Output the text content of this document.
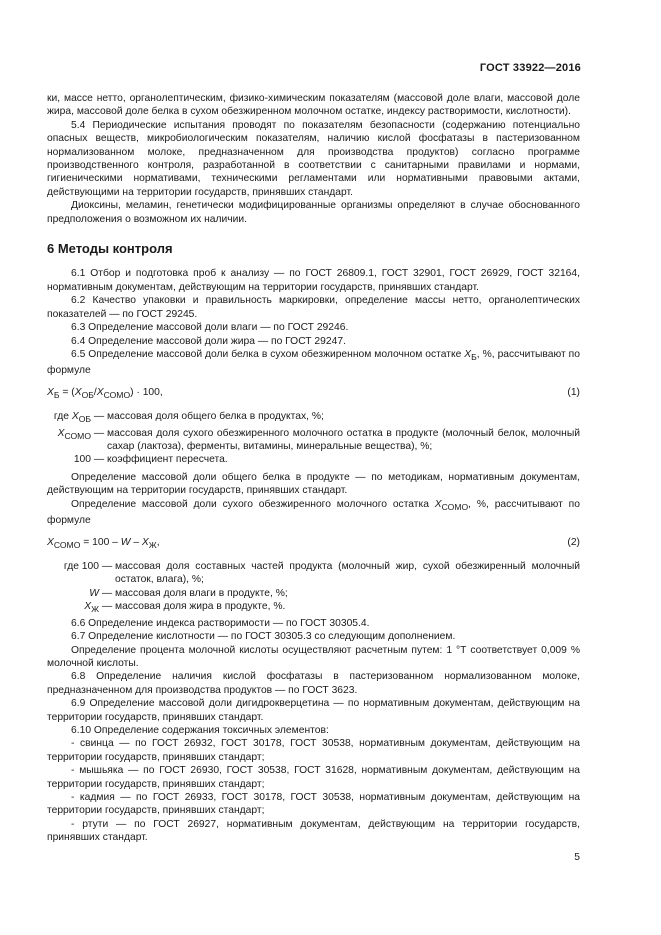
ГОСТ 33922—2016

ки, массе нетто, органолептическим, физико-химическим показателям (массовой доле влаги, массовой доле жира, массовой доле белка в сухом обезжиренном молочном остатке, индексу растворимости, кислотности).

5.4 Периодические испытания проводят по показателям безопасности (содержанию потенциально опасных веществ, микробиологическим показателям, наличию кислой фосфатазы в пастеризованном нормализованном молоке, предназначенном для производства продуктов) согласно программе производственного контроля, разработанной в соответствии с санитарными правилами и нормами, гигиеническими нормативами, техническими регламентами или нормативными правовыми актами, действующими на территории государств, принявших стандарт.

Диоксины, меламин, генетически модифицированные организмы определяют в случае обоснованного предположения о возможном их наличии.

6 Методы контроля

6.1 Отбор и подготовка проб к анализу — по ГОСТ 26809.1, ГОСТ 32901, ГОСТ 26929, ГОСТ 32164, нормативным документам, действующим на территории государств, принявших стандарт.

6.2 Качество упаковки и правильность маркировки, определение массы нетто, органолептических показателей — по ГОСТ 29245.

6.3 Определение массовой доли влаги — по ГОСТ 29246.

6.4 Определение массовой доли жира — по ГОСТ 29247.

6.5 Определение массовой доли белка в сухом обезжиренном молочном остатке $X_Б$, %, рассчитывают по формуле

$X_Б = (X_{ОБ}/X_{СОМО}) \cdot 100$,	(1)

где $X_{ОБ}$ — массовая доля общего белка в продуктах, %;
$X_{СОМО}$ — массовая доля сухого обезжиренного молочного остатка в продукте (молочный белок, молочный сахар (лактоза), ферменты, витамины, минеральные вещества), %;
100 — коэффициент пересчета.

Определение массовой доли общего белка в продукте — по методикам, нормативным документам, действующим на территории государств, принявших стандарт.

Определение массовой доли сухого обезжиренного молочного остатка $X_{СОМО}$, %, рассчитывают по формуле

$X_{СОМО} = 100 - W - X_Ж$,	(2)

где 100 — массовая доля составных частей продукта (молочный жир, сухой обезжиренный молочный остаток, влага), %;
W — массовая доля влаги в продукте, %;
$X_Ж$ — массовая доля жира в продукте, %.

6.6 Определение индекса растворимости — по ГОСТ 30305.4.

6.7 Определение кислотности — по ГОСТ 30305.3 со следующим дополнением.

Определение процента молочной кислоты осуществляют расчетным путем: 1 °Т соответствует 0,009 % молочной кислоты.

6.8 Определение наличия кислой фосфатазы в пастеризованном нормализованном молоке, предназначенном для производства продуктов — по ГОСТ 3623.

6.9 Определение массовой доли дигидрокверцетина — по нормативным документам, действующим на территории государств, принявших стандарт.

6.10 Определение содержания токсичных элементов:

- свинца — по ГОСТ 26932, ГОСТ 30178, ГОСТ 30538, нормативным документам, действующим на территории государств, принявших стандарт;

- мышьяка — по ГОСТ 26930, ГОСТ 30538, ГОСТ 31628, нормативным документам, действующим на территории государств, принявших стандарт;

- кадмия — по ГОСТ 26933, ГОСТ 30178, ГОСТ 30538, нормативным документам, действующим на территории государств, принявших стандарт;

- ртути — по ГОСТ 26927, нормативным документам, действующим на территории государств, принявших стандарт.

5
